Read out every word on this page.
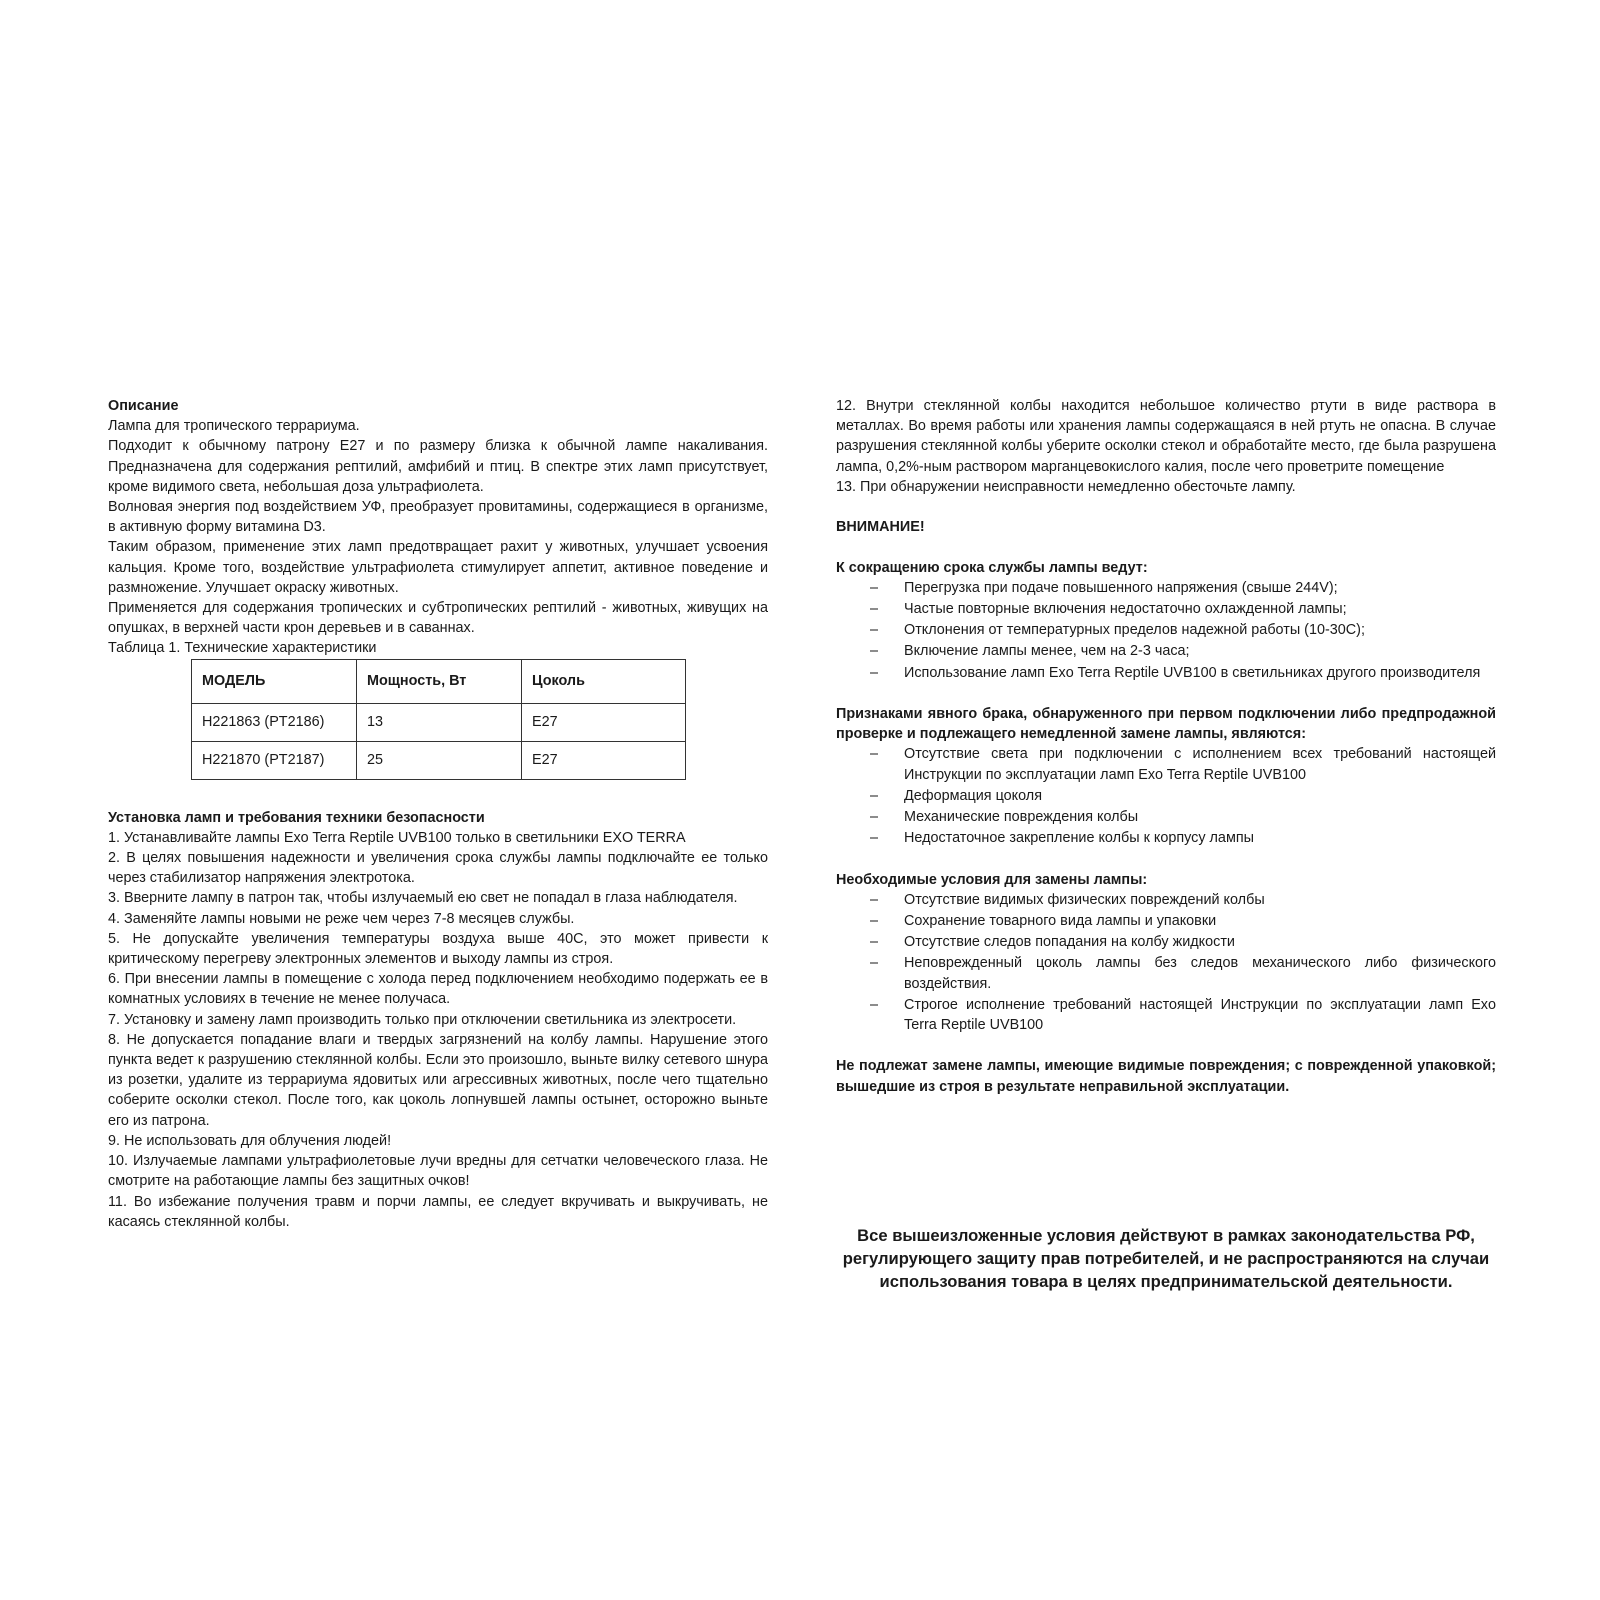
Описание

Лампа для тропического террариума.

Подходит к обычному патрону E27 и по размеру близка к обычной лампе накаливания. Предназначена для содержания рептилий, амфибий и птиц. В спектре этих ламп присутствует, кроме видимого света, небольшая доза ультрафиолета.

Волновая энергия под воздействием УФ, преобразует провитамины, содержащиеся в организме, в активную форму витамина D3.

Таким образом, применение этих ламп предотвращает рахит у животных, улучшает усвоения кальция. Кроме того, воздействие ультрафиолета стимулирует аппетит, активное поведение и размножение. Улучшает окраску животных.

Применяется для содержания тропических и субтропических рептилий - животных, живущих на опушках, в верхней части крон деревьев и в саваннах.

Таблица 1. Технические характеристики

МОДЕЛЬ	Мощность, Вт	Цоколь
H221863 (PT2186)	13	E27
H221870 (PT2187)	25	E27

Установка ламп и требования техники безопасности

1. Устанавливайте лампы Exo Terra Reptile UVB100 только в светильники EXO TERRA

2. В целях повышения надежности и увеличения срока службы лампы подключайте ее только через стабилизатор напряжения электротока.

3. Вверните лампу в патрон так, чтобы излучаемый ею свет не попадал в глаза наблюдателя.

4. Заменяйте лампы новыми не реже чем через 7-8 месяцев службы.

5. Не допускайте увеличения температуры воздуха выше 40С, это может привести к критическому перегреву электронных элементов и выходу лампы из строя.

6. При внесении лампы в помещение с холода перед подключением необходимо подержать ее в комнатных условиях в течение не менее получаса.

7. Установку и замену ламп производить только при отключении светильника из электросети.

8. Не допускается попадание влаги и твердых загрязнений на колбу лампы. Нарушение этого пункта ведет к разрушению стеклянной колбы. Если это произошло, выньте вилку сетевого шнура из розетки, удалите из террариума ядовитых или агрессивных животных, после чего тщательно соберите осколки стекол. После того, как цоколь лопнувшей лампы остынет, осторожно выньте его из патрона.

9. Не использовать для облучения людей!

10. Излучаемые лампами ультрафиолетовые лучи вредны для сетчатки человеческого глаза. Не смотрите на работающие лампы без защитных очков!

11. Во избежание получения травм и порчи лампы, ее следует вкручивать и выкручивать, не касаясь стеклянной колбы.

12. Внутри стеклянной колбы находится небольшое количество ртути в виде раствора в металлах. Во время работы или хранения лампы содержащаяся в ней ртуть не опасна. В случае разрушения стеклянной колбы уберите осколки стекол и обработайте место, где была разрушена лампа, 0,2%-ным раствором марганцевокислого калия, после чего проветрите помещение

13. При обнаружении неисправности немедленно обесточьте лампу.

ВНИМАНИЕ!

К сокращению срока службы лампы ведут:

– Перегрузка при подаче повышенного напряжения (свыше 244V);
– Частые повторные включения недостаточно охлажденной лампы;
– Отклонения от температурных пределов надежной работы (10-30С);
– Включение лампы менее, чем на 2-3 часа;
– Использование ламп Exo Terra Reptile UVB100 в светильниках другого производителя

Признаками явного брака, обнаруженного при первом подключении либо предпродажной проверке и подлежащего немедленной замене лампы, являются:

– Отсутствие света при подключении с исполнением всех требований настоящей Инструкции по эксплуатации ламп Exo Terra Reptile UVB100
– Деформация цоколя
– Механические повреждения колбы
– Недостаточное закрепление колбы к корпусу лампы

Необходимые условия для замены лампы:

– Отсутствие видимых физических повреждений колбы
– Сохранение товарного вида лампы и упаковки
– Отсутствие следов попадания на колбу жидкости
– Неповрежденный цоколь лампы без следов механического либо физического воздействия.
– Строгое исполнение требований настоящей Инструкции по эксплуатации ламп Exo Terra Reptile UVB100

Не подлежат замене лампы, имеющие видимые повреждения; с поврежденной упаковкой; вышедшие из строя в результате неправильной эксплуатации.

Все вышеизложенные условия действуют в рамках законодательства РФ, регулирующего защиту прав потребителей, и не распространяются на случаи использования товара в целях предпринимательской деятельности.
